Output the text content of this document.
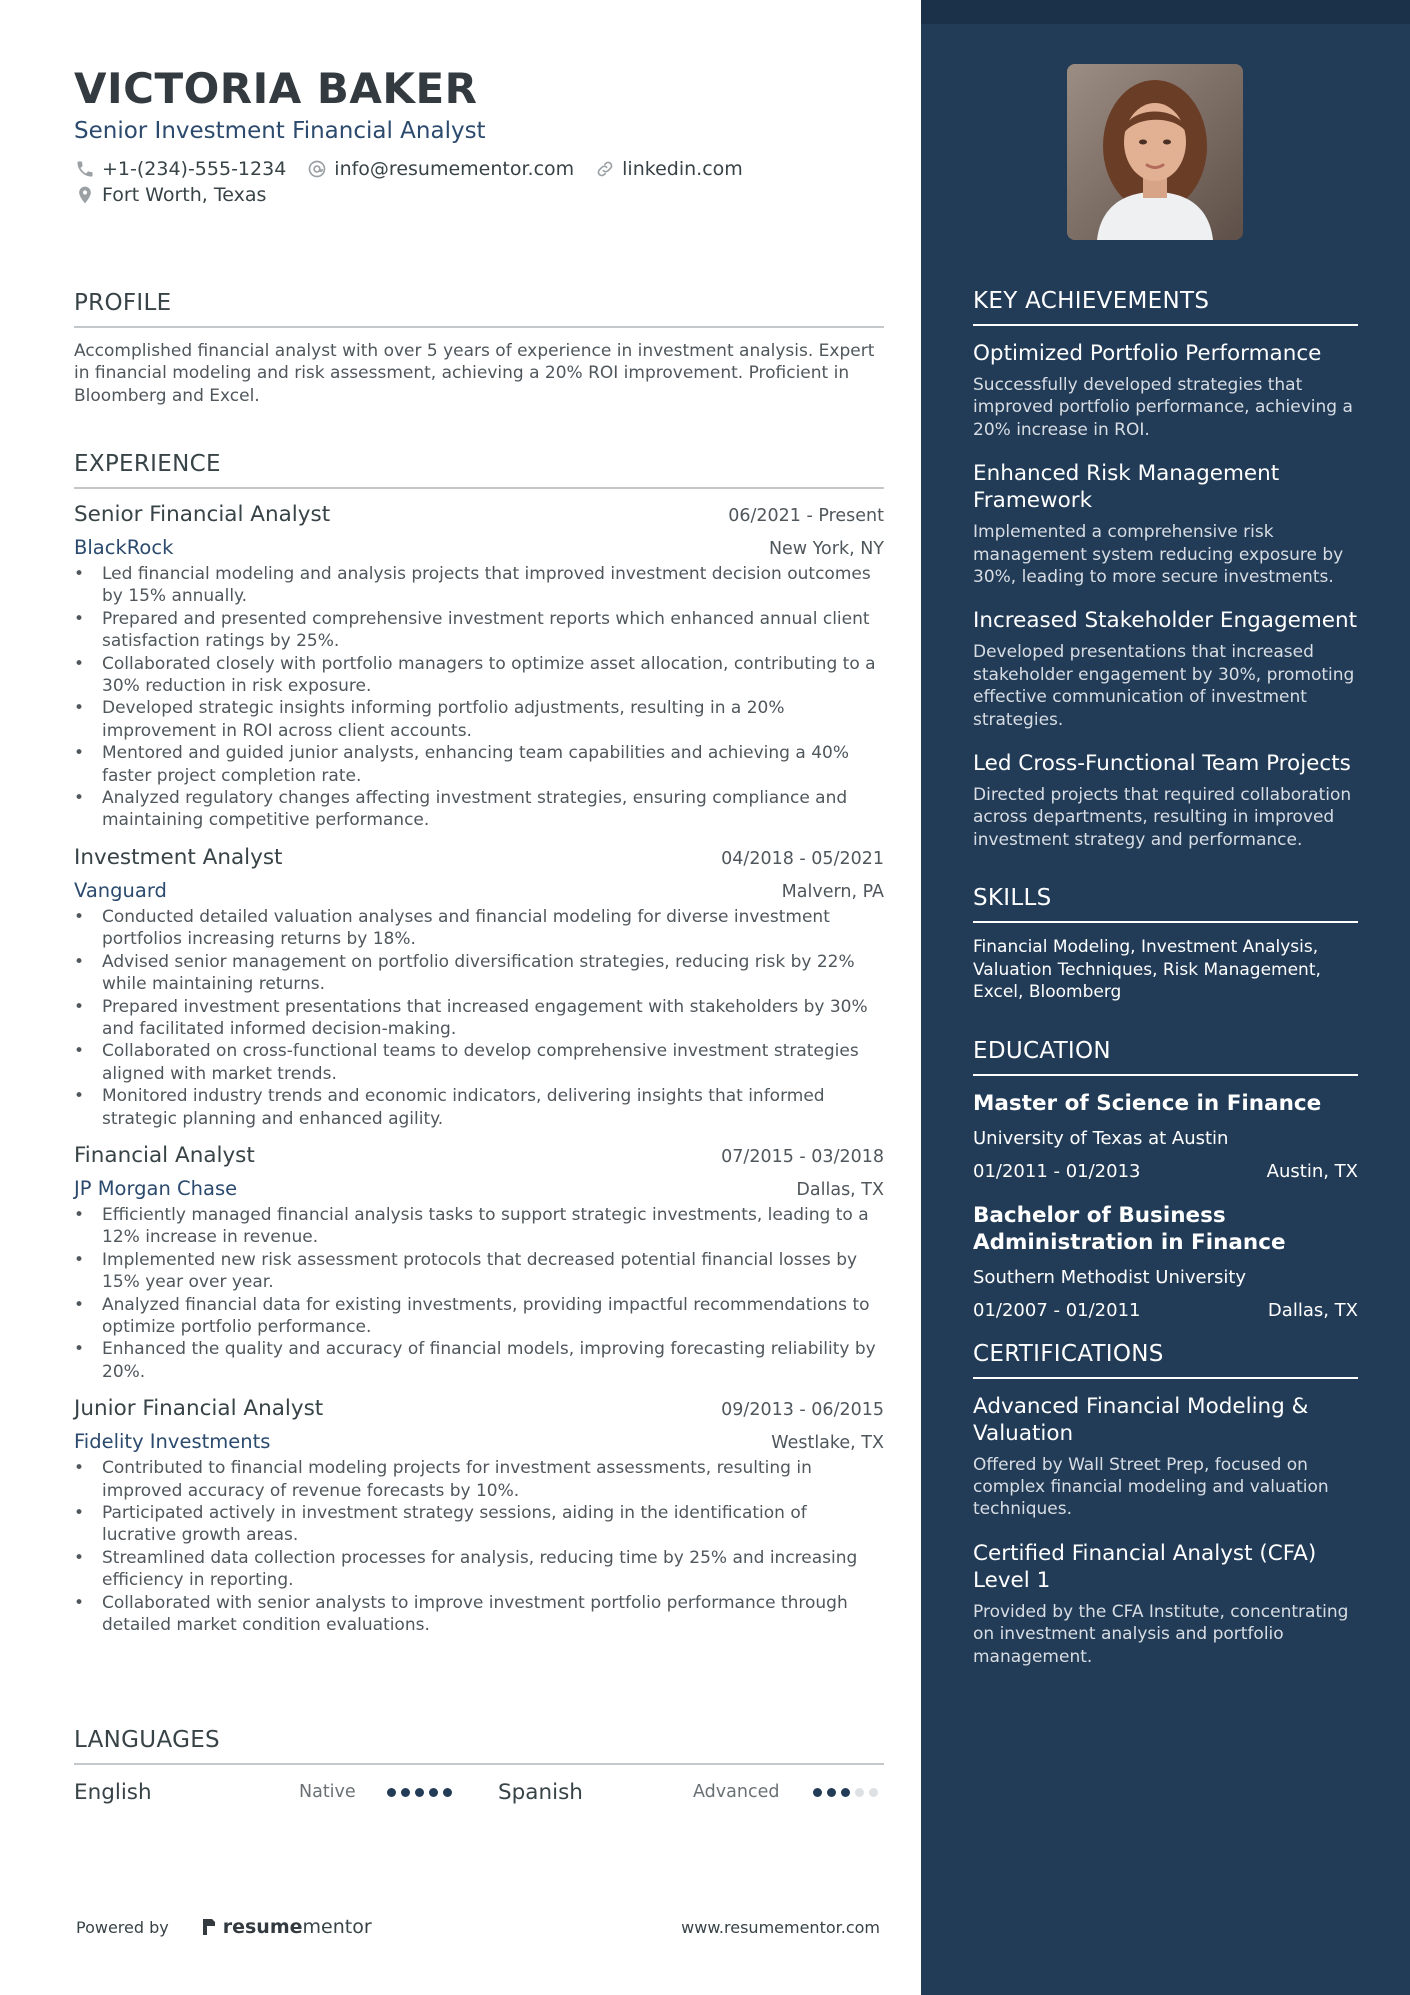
VICTORIA BAKER
Senior Investment Financial Analyst
+1-(234)-555-1234	info@resumementor.com	linkedin.com
Fort Worth, Texas
PROFILE
Accomplished financial analyst with over 5 years of experience in investment analysis. Expert in financial modeling and risk assessment, achieving a 20% ROI improvement. Proficient in Bloomberg and Excel.
EXPERIENCE
Senior Financial Analyst	06/2021 - Present
BlackRock	New York, NY
• Led financial modeling and analysis projects that improved investment decision outcomes by 15% annually.
• Prepared and presented comprehensive investment reports which enhanced annual client satisfaction ratings by 25%.
• Collaborated closely with portfolio managers to optimize asset allocation, contributing to a 30% reduction in risk exposure.
• Developed strategic insights informing portfolio adjustments, resulting in a 20% improvement in ROI across client accounts.
• Mentored and guided junior analysts, enhancing team capabilities and achieving a 40% faster project completion rate.
• Analyzed regulatory changes affecting investment strategies, ensuring compliance and maintaining competitive performance.
Investment Analyst	04/2018 - 05/2021
Vanguard	Malvern, PA
• Conducted detailed valuation analyses and financial modeling for diverse investment portfolios increasing returns by 18%.
• Advised senior management on portfolio diversification strategies, reducing risk by 22% while maintaining returns.
• Prepared investment presentations that increased engagement with stakeholders by 30% and facilitated informed decision-making.
• Collaborated on cross-functional teams to develop comprehensive investment strategies aligned with market trends.
• Monitored industry trends and economic indicators, delivering insights that informed strategic planning and enhanced agility.
Financial Analyst	07/2015 - 03/2018
JP Morgan Chase	Dallas, TX
• Efficiently managed financial analysis tasks to support strategic investments, leading to a 12% increase in revenue.
• Implemented new risk assessment protocols that decreased potential financial losses by 15% year over year.
• Analyzed financial data for existing investments, providing impactful recommendations to optimize portfolio performance.
• Enhanced the quality and accuracy of financial models, improving forecasting reliability by 20%.
Junior Financial Analyst	09/2013 - 06/2015
Fidelity Investments	Westlake, TX
• Contributed to financial modeling projects for investment assessments, resulting in improved accuracy of revenue forecasts by 10%.
• Participated actively in investment strategy sessions, aiding in the identification of lucrative growth areas.
• Streamlined data collection processes for analysis, reducing time by 25% and increasing efficiency in reporting.
• Collaborated with senior analysts to improve investment portfolio performance through detailed market condition evaluations.
LANGUAGES
English	Native	Spanish	Advanced
Powered by	resume mentor	www.resumementor.com
KEY ACHIEVEMENTS
Optimized Portfolio Performance
Successfully developed strategies that improved portfolio performance, achieving a 20% increase in ROI.
Enhanced Risk Management Framework
Implemented a comprehensive risk management system reducing exposure by 30%, leading to more secure investments.
Increased Stakeholder Engagement
Developed presentations that increased stakeholder engagement by 30%, promoting effective communication of investment strategies.
Led Cross-Functional Team Projects
Directed projects that required collaboration across departments, resulting in improved investment strategy and performance.
SKILLS
Financial Modeling, Investment Analysis, Valuation Techniques, Risk Management, Excel, Bloomberg
EDUCATION
Master of Science in Finance
University of Texas at Austin
01/2011 - 01/2013	Austin, TX
Bachelor of Business Administration in Finance
Southern Methodist University
01/2007 - 01/2011	Dallas, TX
CERTIFICATIONS
Advanced Financial Modeling & Valuation
Offered by Wall Street Prep, focused on complex financial modeling and valuation techniques.
Certified Financial Analyst (CFA) Level 1
Provided by the CFA Institute, concentrating on investment analysis and portfolio management.
